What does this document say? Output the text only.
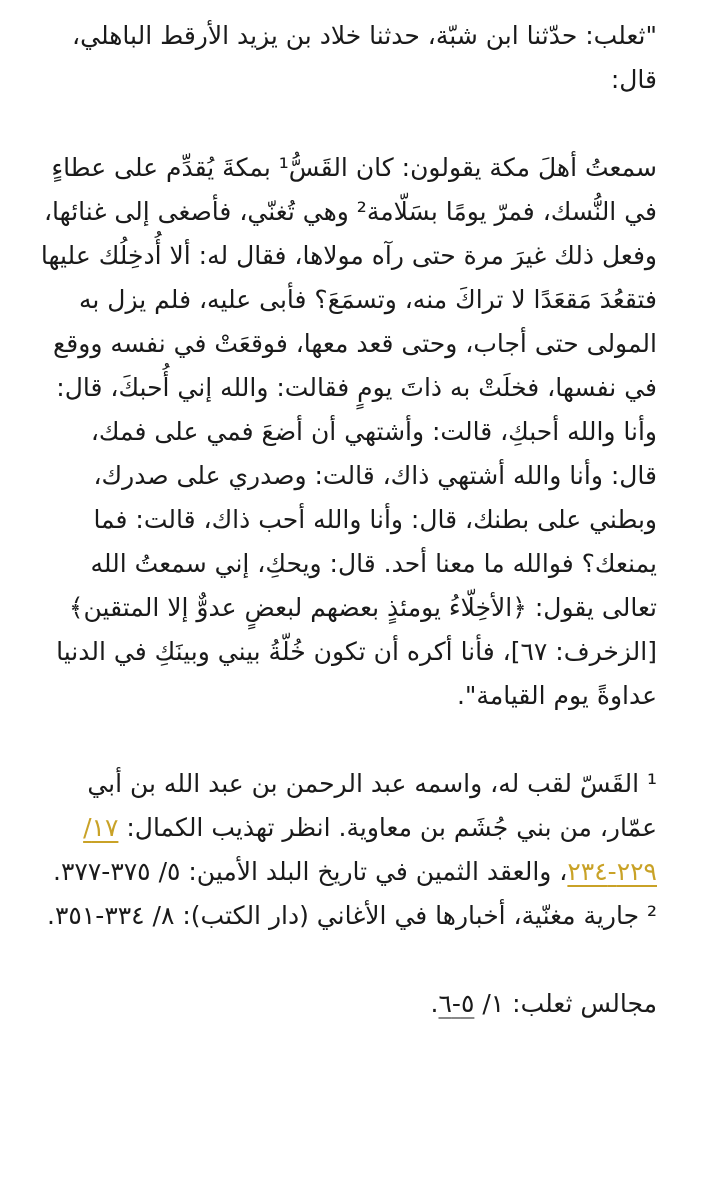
"ثعلب: حدّثنا ابن شبّة، حدثنا خلاد بن يزيد الأرقط الباهلي، قال:

سمعتُ أهلَ مكة يقولون: كان القَسُّ¹ بمكةَ يُقدِّم على عطاءٍ في النُّسك، فمرّ يومًا بسَلّامة² وهي تُغنّي، فأصغى إلى غنائها، وفعل ذلك غيرَ مرة حتى رآه مولاها، فقال له: ألا أُدخِلُك عليها فتقعُدَ مَقعَدًا لا تراكَ منه، وتسمَعَ؟ فأبى عليه، فلم يزل به المولى حتى أجاب، وحتى قعد معها، فوقعَتْ في نفسه ووقع في نفسها، فخلَتْ به ذاتَ يومٍ فقالت: والله إني أُحبكَ، قال: وأنا والله أحبكِ، قالت: وأشتهي أن أضعَ فمي على فمك، قال: وأنا والله أشتهي ذاك، قالت: وصدري على صدرك، وبطني على بطنك، قال: وأنا والله أحب ذاك، قالت: فما يمنعك؟ فوالله ما معنا أحد. قال: ويحكِ، إني سمعتُ الله تعالى يقول: ﴿الأخِلّاءُ يومئذٍ بعضهم لبعضٍ عدوٌّ إلا المتقين﴾ [الزخرف: ٦٧]، فأنا أكره أن تكون خُلّةُ بيني وبينَكِ في الدنيا عداوةً يوم القيامة".

¹ القَسّ لقب له، واسمه عبد الرحمن بن عبد الله بن أبي عمّار، من بني جُشَم بن معاوية. انظر تهذيب الكمال: ١٧/ ٢٢٩-٢٣٤، والعقد الثمين في تاريخ البلد الأمين: ٥/ ٣٧٥-٣٧٧.

² جارية مغنّية، أخبارها في الأغاني (دار الكتب): ٨/ ٣٣٤-٣٥١.

مجالس ثعلب: ١/ ٥-٦.
